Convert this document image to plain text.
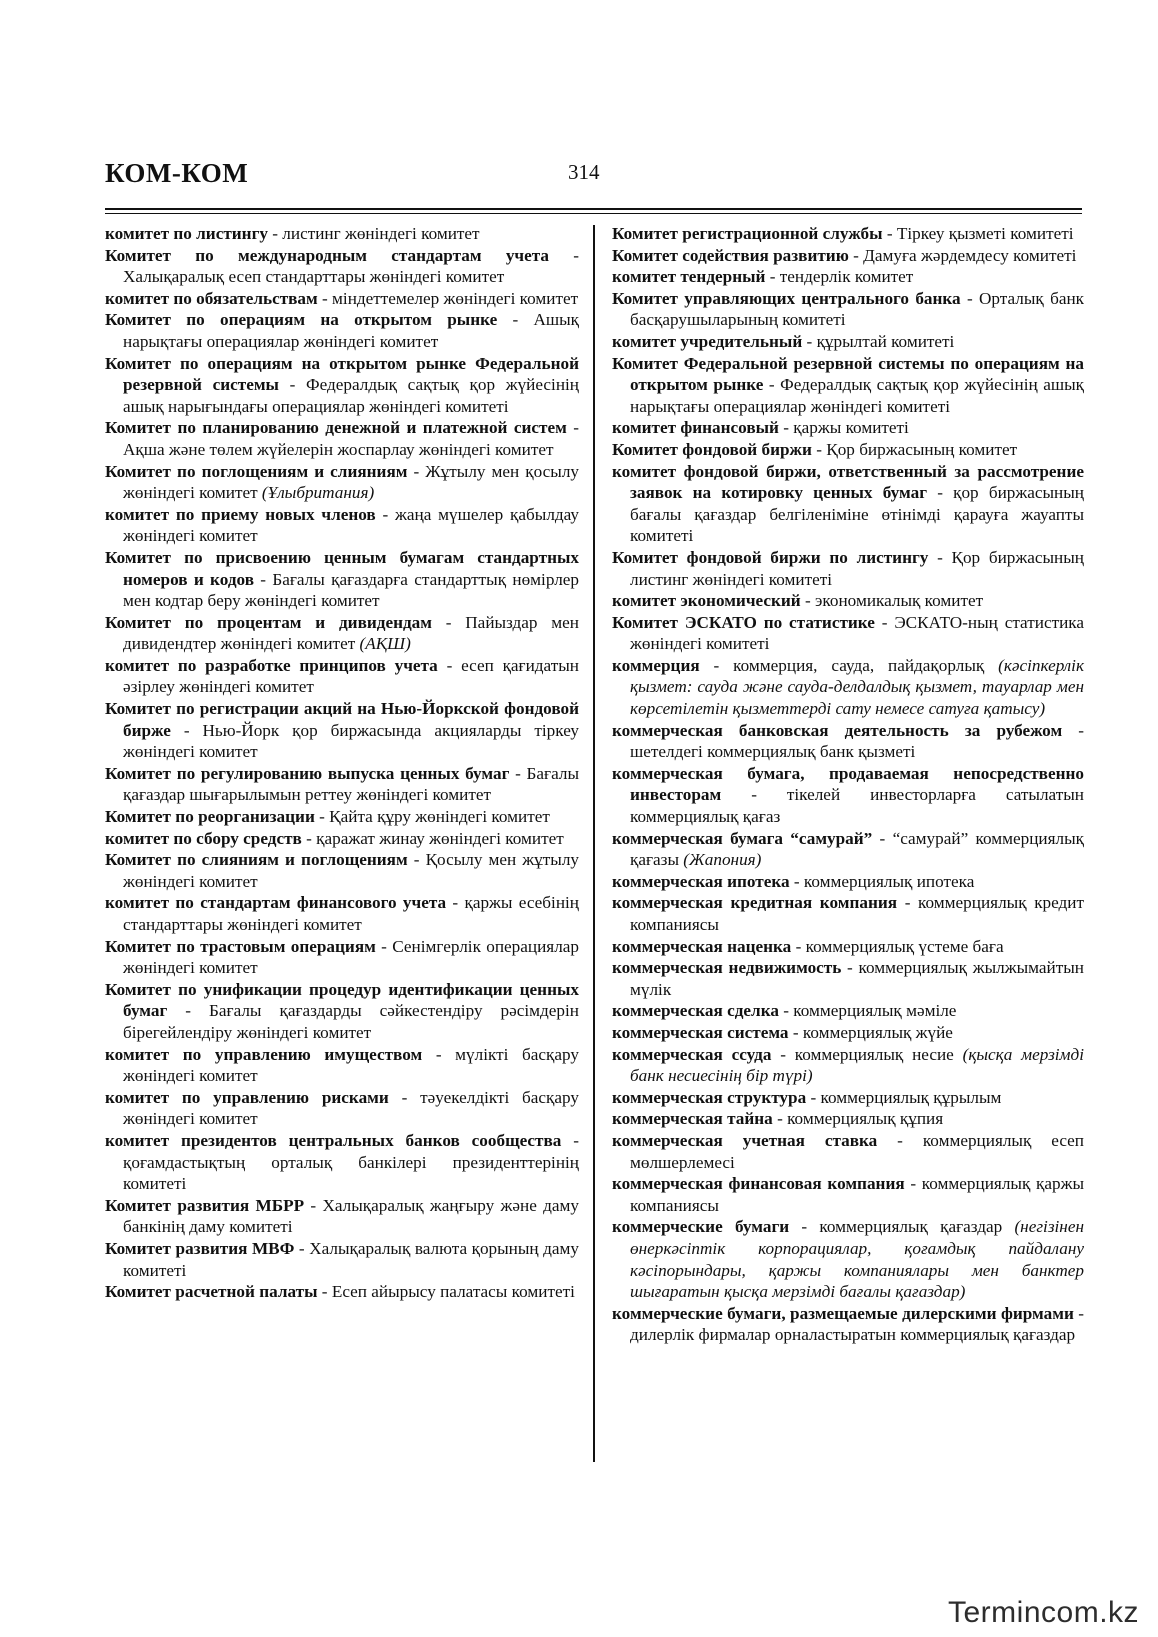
КОМ-КОМ	314
комитет по листингу - листинг жөніндегі комитет
Комитет по международным стандартам учета - Халықаралық есеп стандарттары жөніндегі комитет
комитет по обязательствам - міндеттемелер жөніндегі комитет
Комитет по операциям на открытом рынке - Ашық нарықтағы операциялар жөніндегі комитет
Комитет по операциям на открытом рынке Федеральной резервной системы - Федералдық сақтық қор жүйесінің ашық нарығындағы операциялар жөніндегі комитеті
Комитет по планированию денежной и платежной систем - Ақша және төлем жүйелерін жоспарлау жөніндегі комитет
Комитет по поглощениям и слияниям - Жұтылу мен қосылу жөніндегі комитет (Ұлыбритания)
комитет по приему новых членов - жаңа мүшелер қабылдау жөніндегі комитет
Комитет по присвоению ценным бумагам стандартных номеров и кодов - Бағалы қағаздарға стандарттық нөмірлер мен кодтар беру жөніндегі комитет
Комитет по процентам и дивидендам - Пайыздар мен дивидендтер жөніндегі комитет (АҚШ)
комитет по разработке принципов учета - есеп қағидатын әзірлеу жөніндегі комитет
Комитет по регистрации акций на Нью-Йоркской фондовой бирже - Нью-Йорк қор биржасында акцияларды тіркеу жөніндегі комитет
Комитет по регулированию выпуска ценных бумаг - Бағалы қағаздар шығарылымын реттеу жөніндегі комитет
Комитет по реорганизации - Қайта құру жөніндегі комитет
комитет по сбору средств - қаражат жинау жөніндегі комитет
Комитет по слияниям и поглощениям - Қосылу мен жұтылу жөніндегі комитет
комитет по стандартам финансового учета - қаржы есебінің стандарттары жөніндегі комитет
Комитет по трастовым операциям - Сенімгерлік операциялар жөніндегі комитет
Комитет по унификации процедур идентификации ценных бумаг - Бағалы қағаздарды сәйкестендіру рәсімдерін бірегейлендіру жөніндегі комитет
комитет по управлению имуществом - мүлікті басқару жөніндегі комитет
комитет по управлению рисками - тәуекелдікті басқару жөніндегі комитет
комитет президентов центральных банков сообщества - қоғамдастықтың орталық банкілері президенттерінің комитеті
Комитет развития МБРР - Халықаралық жаңғыру және даму банкінің даму комитеті
Комитет развития МВФ - Халықаралық валюта қорының даму комитеті
Комитет расчетной палаты - Есеп айырысу палатасы комитеті
Комитет регистрационной службы - Тіркеу қызметі комитеті
Комитет содействия развитию - Дамуға жәрдемдесу комитеті
комитет тендерный - тендерлік комитет
Комитет управляющих центрального банка - Орталық банк басқарушыларының комитеті
комитет учредительный - құрылтай комитеті
Комитет Федеральной резервной системы по операциям на открытом рынке - Федералдық сақтық қор жүйесінің ашық нарықтағы операциялар жөніндегі комитеті
комитет финансовый - қаржы комитеті
Комитет фондовой биржи - Қор биржасының комитет
комитет фондовой биржи, ответственный за рассмотрение заявок на котировку ценных бумаг - қор биржасының бағалы қағаздар белгіленіміне өтінімді қарауға жауапты комитеті
Комитет фондовой биржи по листингу - Қор биржасының листинг жөніндегі комитеті
комитет экономический - экономикалық комитет
Комитет ЭСКАТО по статистике - ЭСКАТО-ның статистика жөніндегі комитеті
коммерция - коммерция, сауда, пайдақорлық (кәсіпкерлік қызмет: сауда және сауда-делдалдық қызмет, тауарлар мен көрсетілетін қызметтерді сату немесе сатуға қатысу)
коммерческая банковская деятельность за рубежом - шетелдегі коммерциялық банк қызметі
коммерческая бумага, продаваемая непосредственно инвесторам - тікелей инвесторларға сатылатын коммерциялық қағаз
коммерческая бумага “самурай” - “самурай” коммерциялық қағазы (Жапония)
коммерческая ипотека - коммерциялық ипотека
коммерческая кредитная компания - коммерциялық кредит компаниясы
коммерческая наценка - коммерциялық үстеме баға
коммерческая недвижимость - коммерциялық жылжымайтын мүлік
коммерческая сделка - коммерциялық мәміле
коммерческая система - коммерциялық жүйе
коммерческая ссуда - коммерциялық несие (қысқа мерзімді банк несиесінің бір түрі)
коммерческая структура - коммерциялық құрылым
коммерческая тайна - коммерциялық құпия
коммерческая учетная ставка - коммерциялық есеп мөлшерлемесі
коммерческая финансовая компания - коммерциялық қаржы компаниясы
коммерческие бумаги - коммерциялық қағаздар (негізінен өнеркәсіптік корпорациялар, қоғамдық пайдалану кәсіпорындары, қаржы компаниялары мен банктер шығаратын қысқа мерзімді бағалы қағаздар)
коммерческие бумаги, размещаемые дилерскими фирмами - дилерлік фирмалар орналастыратын коммерциялық қағаздар
Termincom.kz
